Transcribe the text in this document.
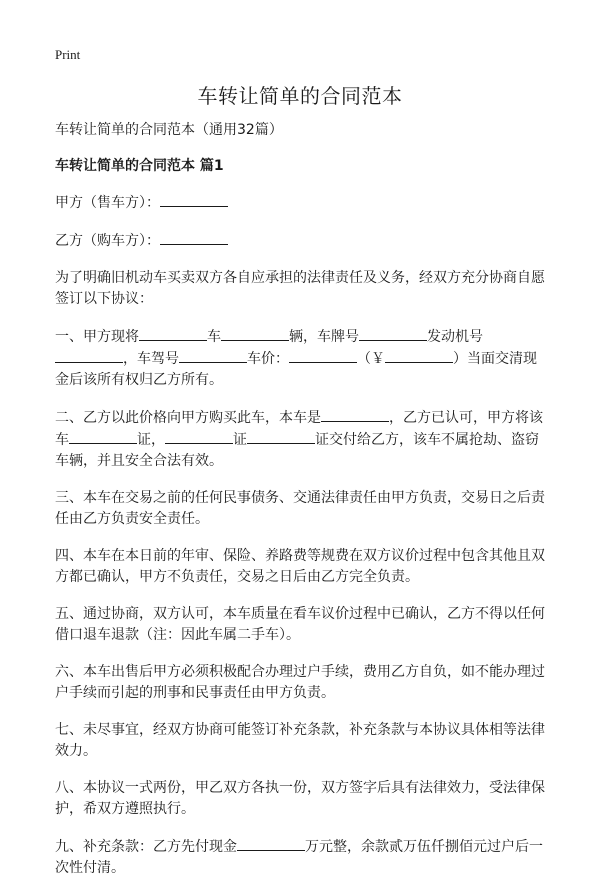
Print
车转让简单的合同范本

车转让简单的合同范本（通用32篇）

车转让简单的合同范本 篇1

甲方（售车方）：

乙方（购车方）：

为了明确旧机动车买卖双方各自应承担的法律责任及义务，经双方充分协商自愿签订以下协议：

一、甲方现将	车	辆，车牌号	发动机号，车驾号	车价：	（￥	）当面交清现金后该所有权归乙方所有。

二、乙方以此价格向甲方购买此车，本车是	，乙方已认可，甲方将该车	证，	证	证交付给乙方，该车不属抢劫、盗窃车辆，并且安全合法有效。

三、本车在交易之前的任何民事债务、交通法律责任由甲方负责，交易日之后责任由乙方负责安全责任。

四、本车在本日前的年审、保险、养路费等规费在双方议价过程中包含其他且双方都已确认，甲方不负责任，交易之日后由乙方完全负责。

五、通过协商，双方认可，本车质量在看车议价过程中已确认，乙方不得以任何借口退车退款（注：因此车属二手车）。

六、本车出售后甲方必须积极配合办理过户手续，费用乙方自负，如不能办理过户手续而引起的刑事和民事责任由甲方负责。

七、未尽事宜，经双方协商可能签订补充条款，补充条款与本协议具体相等法律效力。

八、本协议一式两份，甲乙双方各执一份，双方签字后具有法律效力，受法律保护，希双方遵照执行。

九、补充条款：乙方先付现金	万元整，余款贰万伍仟捌佰元过户后一次性付清。
